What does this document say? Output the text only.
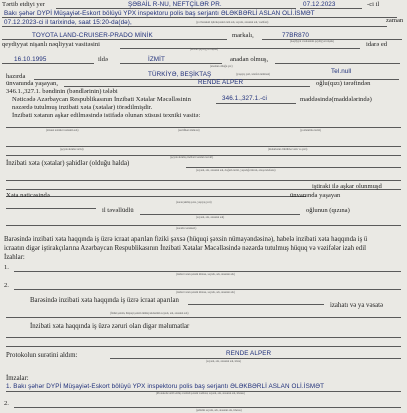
Tərtib etdiyi yer	ŞƏBAİL R-NU, NEFTÇİLƏR PR.	07.12.2023	-ci il
Bakı şəhər DYPİ Müşayiət-Eskort bölüyü YPX inspektoru polis baş serjantı ƏLƏKBƏRLİ ASLAN OLİ.İSMƏT
zaman
07.12.2023-ci il tarixində, saat 15:20-da(də),	(yol hərəkəti iştirakçısının tam adı, soyadı, atasının adı, vəzifəsi)
TOYOTA LAND-CRUISER-PRADO MİNİK	markalı,	77BR870
(nəqliyyat vasitəsinin qeydiyyat nişanı)
(dövlət qeydiyyat nişanı)
qeydiyyat nişanlı nəqliyyat vasitəsini	idarə ed
16.10.1995	ildə	İZMİT	anadan olmuş,
(anadan olduğu yer)
hazırda	TÜRKİYƏ, BEŞİKTAŞ	Tel.null
ünvanında yaşayan,	RENDE ALPER	oğlu(qızı) tərəfindən
(yaşayış yeri, telefon nömrəsi)
346.1.,327.1. bəndinin (bəndlərinin) tələbi
Nəticədə Azərbaycan Respublikasının İnzibati Xətalar Məcəlləsinin	346.1.,327.1.-ci	maddəsində(maddələrində)
nəzərdə tutulmuş inzibati xəta (xətalar) törədilmişdir.
İnzibati xətanın aşkar edilməsində istifadə olunan xüsusi texniki vasitə:
(xüsusi texniki vasitənin adı)	(sertifikat nömrəsi)	(yoxlanılma tarixi)
(qeydə alınma tarixi)	(məlumatın ötürülmə vaxtı və yeri)
(qeydə alınmış inzibati xətanın təsviri)
İnzibati xəta (xətalar) şahidlər (olduğu halda)
(soyadı, adı, atasının adı, doğum tarixi, yaşadığı ünvan, əlaqə telefonu)
iştiraki ilə aşkar olunmuşd
Xəta nəticəsində	ünvanında yaşayan
(zərərçəkmiş şəxs, yaşayış yeri)
il təvəllüdlü	oğlunun (qızına)
(soyadı, adı, atasının adı)
(zərərin xarakteri)
Barəsində inzibati xəta haqqında iş üzrə icraat aparılan fiziki şəxsə (hüquqi şəxsin nümayəndəsinə), habelə inzibati xəta haqqında iş ü
icraatın digər iştirakçılarına Azərbaycan Respublikasının İnzibati Xətalar Məcəlləsində nəzərdə tutulmuş hüquq və vəzifələr izah edil
İzahlar:
1.
(izahat verən şəxsin imzası, soyadı, adı, atasının adı)
2.
(izahat verən şəxsin imzası, soyadı, adı, atasının adı)
Barəsində inzibati xəta haqqında iş üzrə icraat aparılan
izahatı və ya vəsatə
(fiziki şəxsin, hüquqi şəxsin nümayəndəsinin soyadı, adı, atasının adı)
İnzibati xəta haqqında iş üzrə zəruri olan digər məlumatlar
Protokolun surətini aldım:	RENDE ALPER
(soyadı, adı, atasının adı, imza)
İmzalar:
1. Bakı şəhər DYPİ Müşayiət-Eskort bölüyü YPX inspektoru polis baş serjantı ƏLƏKBƏRLİ ASLAN OLİ.İSMƏT
(Protokolu tərtib etmiş vəzifəli şəxsin vəzifəsi, soyadı, adı, atasının adı, imzası)
2.
(şahidin soyadı, adı, atasının adı, imzası)
